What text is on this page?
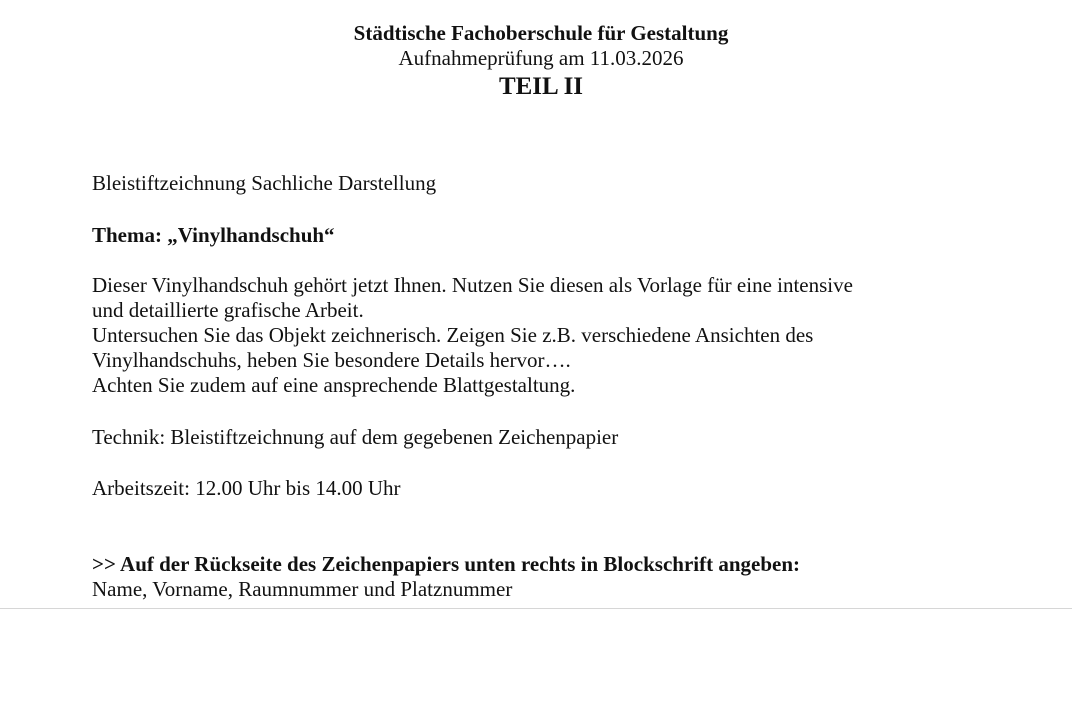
Städtische Fachoberschule für Gestaltung
Aufnahmeprüfung am 11.03.2026
TEIL II
Bleistiftzeichnung Sachliche Darstellung
Thema: „Vinylhandschuh“
Dieser Vinylhandschuh gehört jetzt Ihnen. Nutzen Sie diesen als Vorlage für eine intensive
und detaillierte grafische Arbeit.
Untersuchen Sie das Objekt zeichnerisch. Zeigen Sie z.B. verschiedene Ansichten des
Vinylhandschuhs, heben Sie besondere Details hervor….
Achten Sie zudem auf eine ansprechende Blattgestaltung.
Technik: Bleistiftzeichnung auf dem gegebenen Zeichenpapier
Arbeitszeit: 12.00 Uhr bis 14.00 Uhr
>> Auf der Rückseite des Zeichenpapiers unten rechts in Blockschrift angeben:
Name, Vorname, Raumnummer und Platznummer
